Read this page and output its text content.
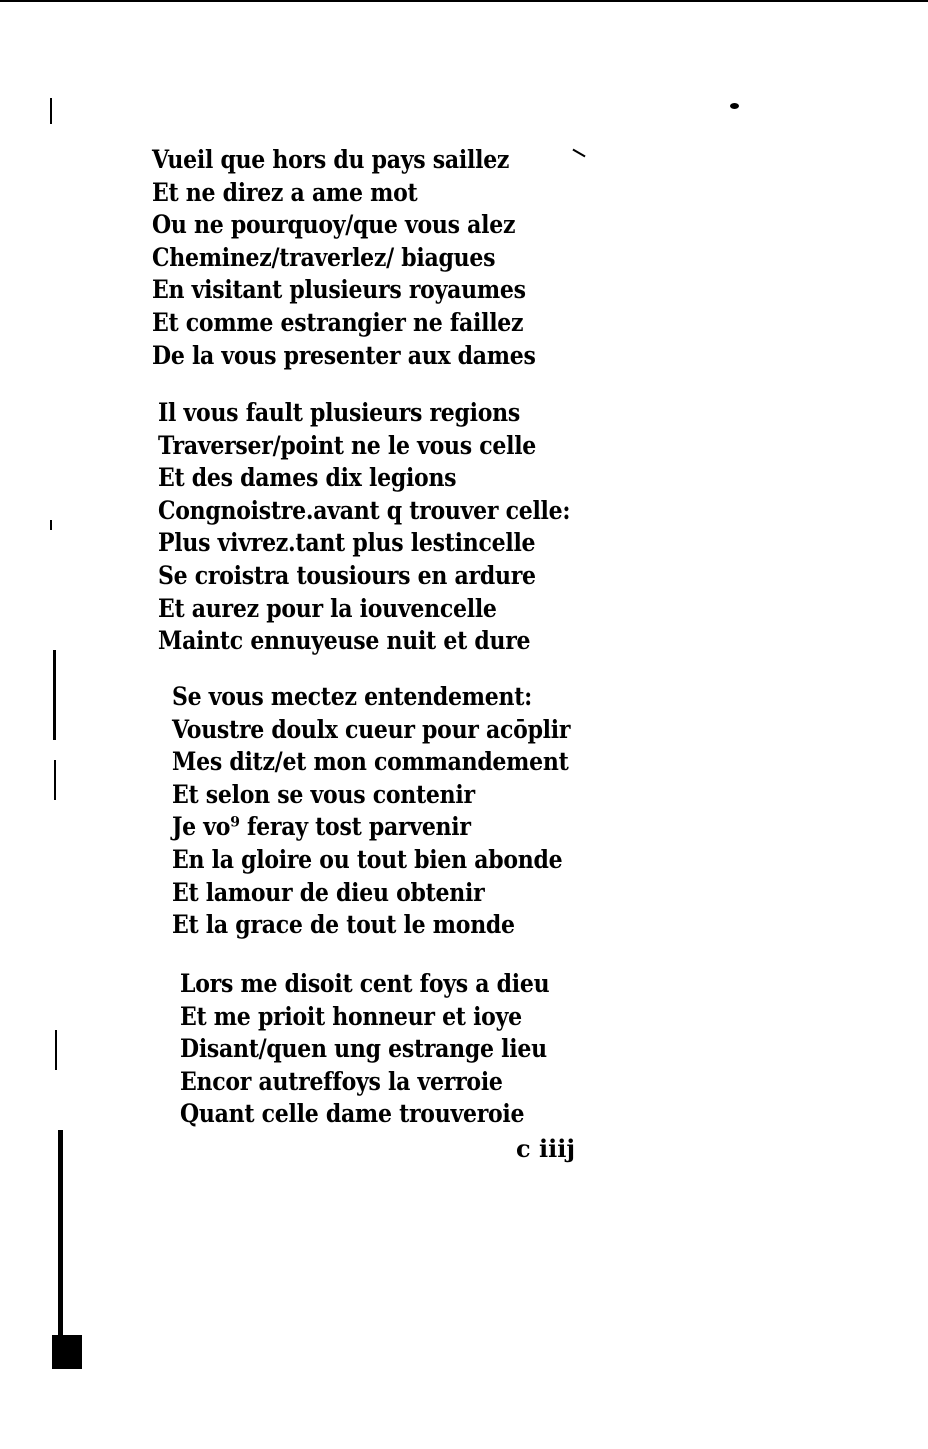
Vueil que hors du pays saillez
Et ne direz a ame mot
Ou ne pourquoy/que vous alez
Cheminez/traverlez/ biagues
En visitant plusieurs royaumes
Et comme estrangier ne faillez
De la vous presenter aux dames
Il vous fault plusieurs regions
Traverser/point ne le vous celle
Et des dames dix legions
Congnoistre.avant q trouver celle:
Plus vivrez.tant plus lestincelle
Se croistra tousiours en ardure
Et aurez pour la iouvencelle
Maintc ennuyeuse nuit et dure
Se vous mectez entendement:
Voustre doulx cueur pour acōplir
Mes ditz/et mon commandement
Et selon se vous contenir
Je vo⁹ feray tost parvenir
En la gloire ou tout bien abonde
Et lamour de dieu obtenir
Et la grace de tout le monde
Lors me disoit cent foys a dieu
Et me prioit honneur et ioye
Disant/quen ung estrange lieu
Encor autreffoys la verroie
Quant celle dame trouveroie
c iiij
